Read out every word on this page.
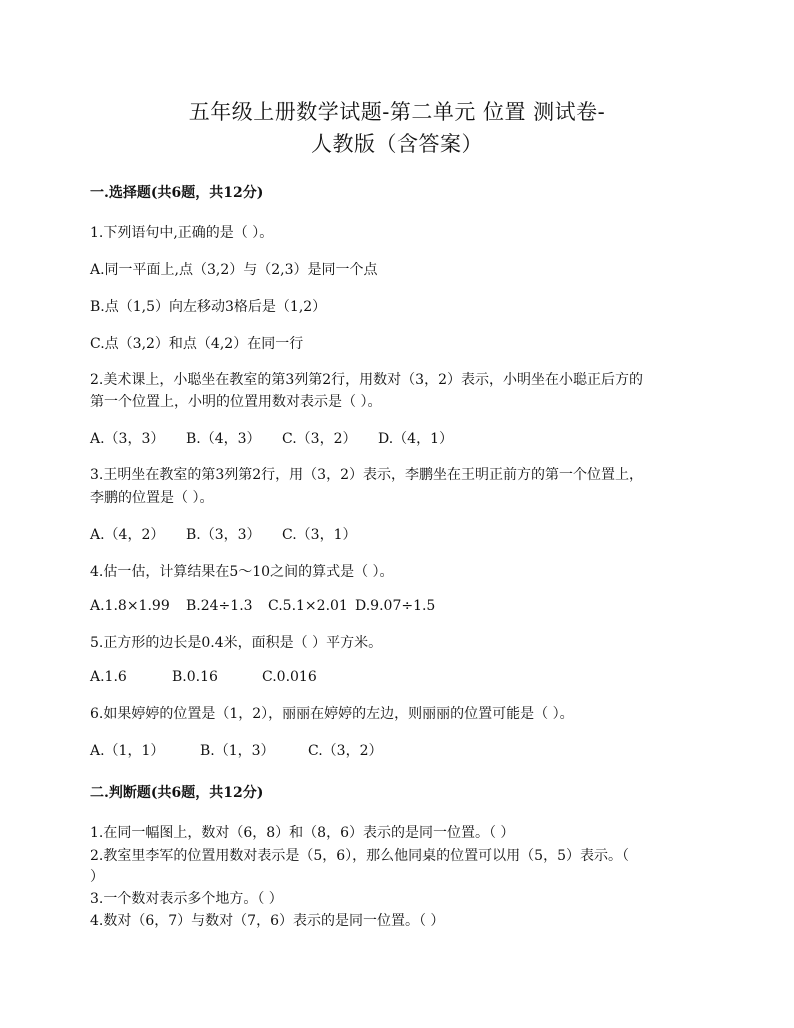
五年级上册数学试题-第二单元 位置 测试卷-
人教版（含答案）
一.选择题(共6题，共12分)
1.下列语句中,正确的是（ ）。
A.同一平面上,点（3,2）与（2,3）是同一个点
B.点（1,5）向左移动3格后是（1,2）
C.点（3,2）和点（4,2）在同一行
2.美术课上，小聪坐在教室的第3列第2行，用数对（3，2）表示，小明坐在小聪正后方的
第一个位置上，小明的位置用数对表示是（ ）。
A.（3，3） B.（4，3） C.（3，2） D.（4，1）
3.王明坐在教室的第3列第2行，用（3，2）表示，李鹏坐在王明正前方的第一个位置上，
李鹏的位置是（ ）。
A.（4，2） B.（3，3） C.（3，1）
4.估一估，计算结果在5～10之间的算式是（ ）。
A.1.8×1.99 B.24÷1.3 C.5.1×2.01 D.9.07÷1.5
5.正方形的边长是0.4米，面积是（ ）平方米。
A.1.6	B.0.16	C.0.016
6.如果婷婷的位置是（1，2），丽丽在婷婷的左边，则丽丽的位置可能是（ ）。
A.（1，1）	B.（1，3） C.（3，2）
二.判断题(共6题，共12分)
1.在同一幅图上，数对（6，8）和（8，6）表示的是同一位置。（ ）
2.教室里李军的位置用数对表示是（5，6），那么他同桌的位置可以用（5，5）表示。（
）
3.一个数对表示多个地方。（ ）
4.数对（6，7）与数对（7，6）表示的是同一位置。（ ）
